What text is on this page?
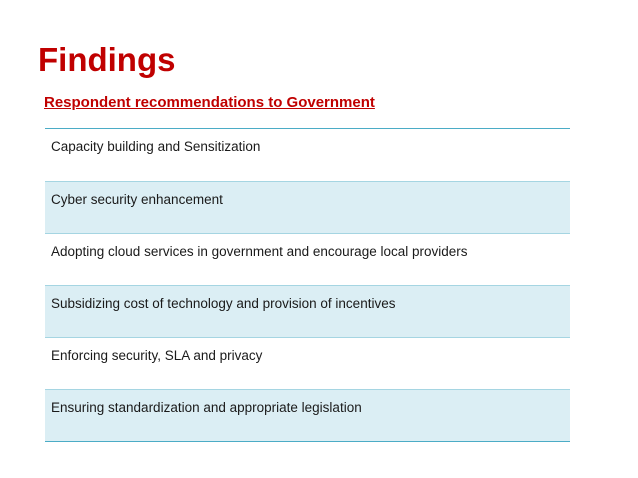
Findings
Respondent recommendations to Government
Capacity building and Sensitization
Cyber security enhancement
Adopting cloud services in government and encourage local providers
Subsidizing cost of technology and provision of incentives
Enforcing security, SLA and privacy
Ensuring standardization and appropriate legislation
